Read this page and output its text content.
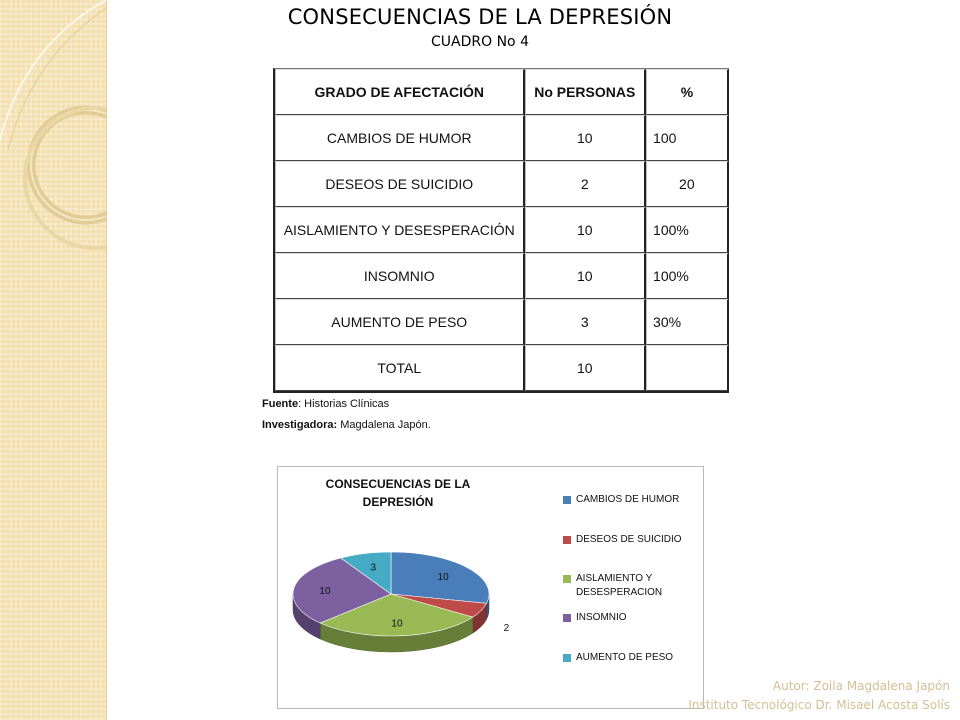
CONSECUENCIAS DE LA DEPRESIÓN
CUADRO No 4
GRADO DE AFECTACIÓN	No PERSONAS	%
CAMBIOS DE HUMOR	10	100
DESEOS DE SUICIDIO	2	20
AISLAMIENTO Y DESESPERACIÓN	10	100%
INSOMNIO	10	100%
AUMENTO DE PESO	3	30%
TOTAL	10	
Fuente: Historias Clínicas
Investigadora: Magdalena Japón.
10
2
10
10
3
CONSECUENCIAS DE LA
DEPRESIÓN	CAMBIOS DE HUMOR
DESEOS DE SUICIDIO
AISLAMIENTO Y
DESESPERACION
INSOMNIO
AUMENTO DE PESO
Autor: Zoila Magdalena Japón
Instituto Tecnológico Dr. Misael Acosta Solís
